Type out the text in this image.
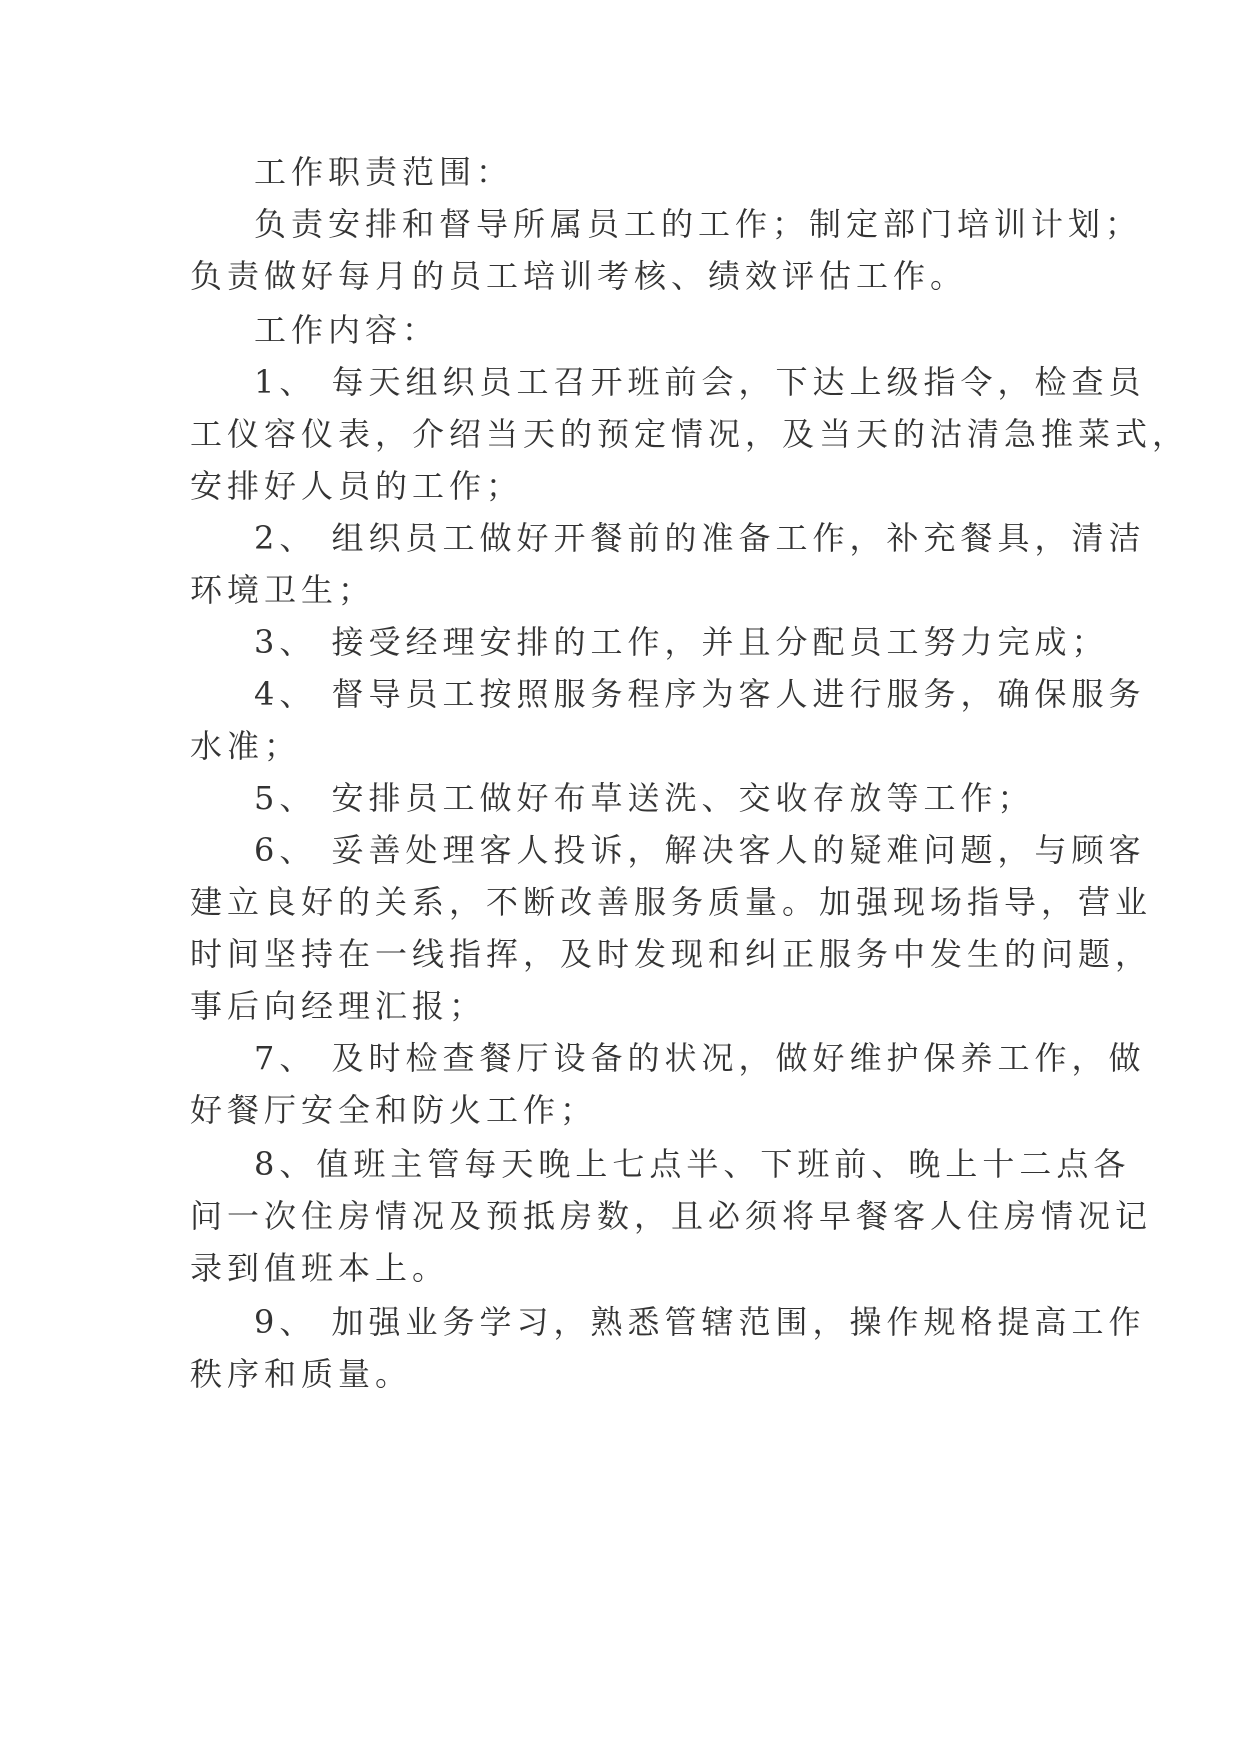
工作职责范围：
负责安排和督导所属员工的工作；制定部门培训计划；
负责做好每月的员工培训考核、绩效评估工作。
工作内容：
1、 每天组织员工召开班前会，下达上级指令，检查员
工仪容仪表，介绍当天的预定情况，及当天的沽清急推菜式，
安排好人员的工作；
2、 组织员工做好开餐前的准备工作，补充餐具，清洁
环境卫生；
3、 接受经理安排的工作，并且分配员工努力完成；
4、 督导员工按照服务程序为客人进行服务，确保服务
水准；
5、 安排员工做好布草送洗、交收存放等工作；
6、 妥善处理客人投诉，解决客人的疑难问题，与顾客
建立良好的关系，不断改善服务质量。加强现场指导，营业
时间坚持在一线指挥，及时发现和纠正服务中发生的问题，
事后向经理汇报；
7、 及时检查餐厅设备的状况，做好维护保养工作，做
好餐厅安全和防火工作；
8、值班主管每天晚上七点半、下班前、晚上十二点各
问一次住房情况及预抵房数，且必须将早餐客人住房情况记
录到值班本上。
9、 加强业务学习，熟悉管辖范围，操作规格提高工作
秩序和质量。
